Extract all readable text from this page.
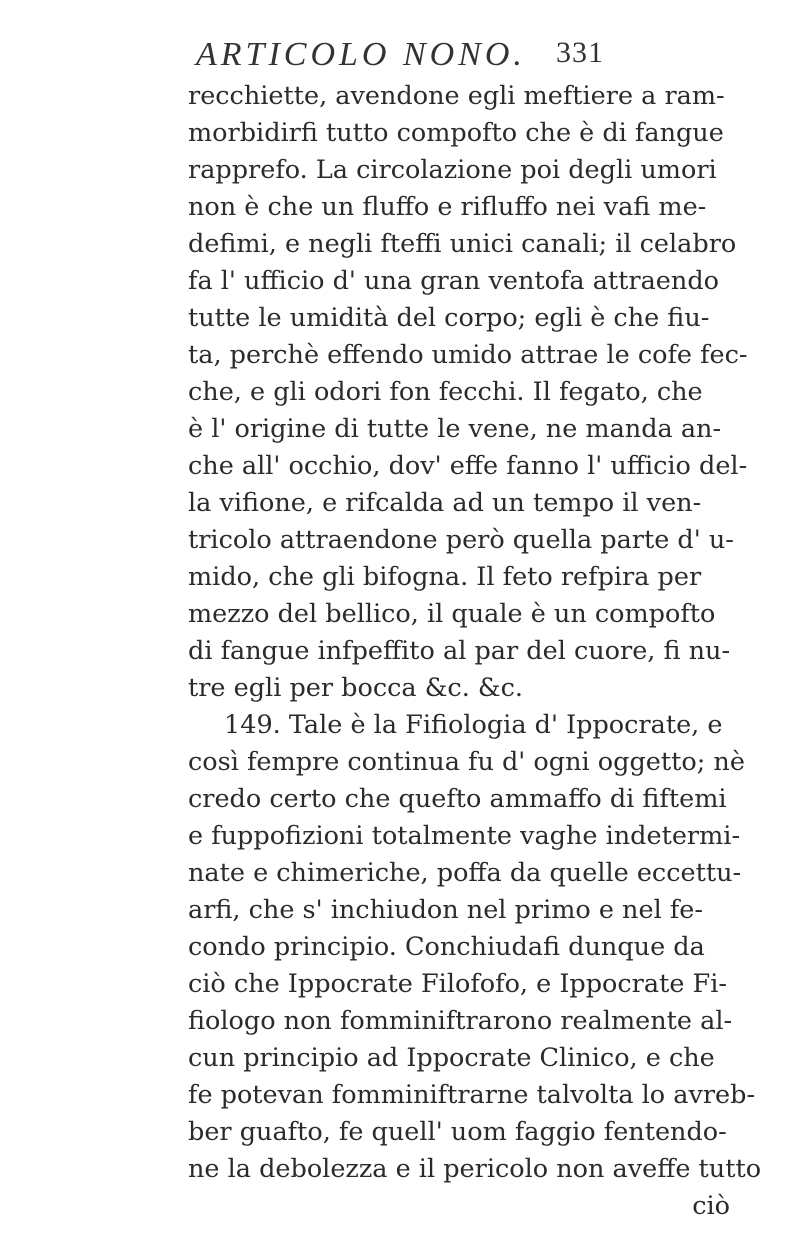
ARTICOLO NONO. 331
recchiette, avendone egli meftiere a ram-
morbidirfi tutto compofto che è di fangue
rapprefo. La circolazione poi degli umori
non è che un fluffo e rifluffo nei vafi me-
defimi, e negli fteffi unici canali; il celabro
fa l' ufficio d' una gran ventofa attraendo
tutte le umidità del corpo; egli è che fiu-
ta, perchè effendo umido attrae le cofe fec-
che, e gli odori fon fecchi. Il fegato, che
è l' origine di tutte le vene, ne manda an-
che all' occhio, dov' effe fanno l' ufficio del-
la vifione, e rifcalda ad un tempo il ven-
tricolo attraendone però quella parte d' u-
mido, che gli bifogna. Il feto refpira per
mezzo del bellico, il quale è un compofto
di fangue infpeffito al par del cuore, fi nu-
tre egli per bocca &c. &c.
149. Tale è la Fifiologia d' Ippocrate, e
così fempre continua fu d' ogni oggetto; nè
credo certo che quefto ammaffo di fiftemi
e fuppofizioni totalmente vaghe indetermi-
nate e chimeriche, poffa da quelle eccettu-
arfi, che s' inchiudon nel primo e nel fe-
condo principio. Conchiudafi dunque da
ciò che Ippocrate Filofofo, e Ippocrate Fi-
fiologo non fomminiftrarono realmente al-
cun principio ad Ippocrate Clinico, e che
fe potevan fomminiftrarne talvolta lo avreb-
ber guafto, fe quell' uom faggio fentendo-
ne la debolezza e il pericolo non aveffe tutto
ciò
